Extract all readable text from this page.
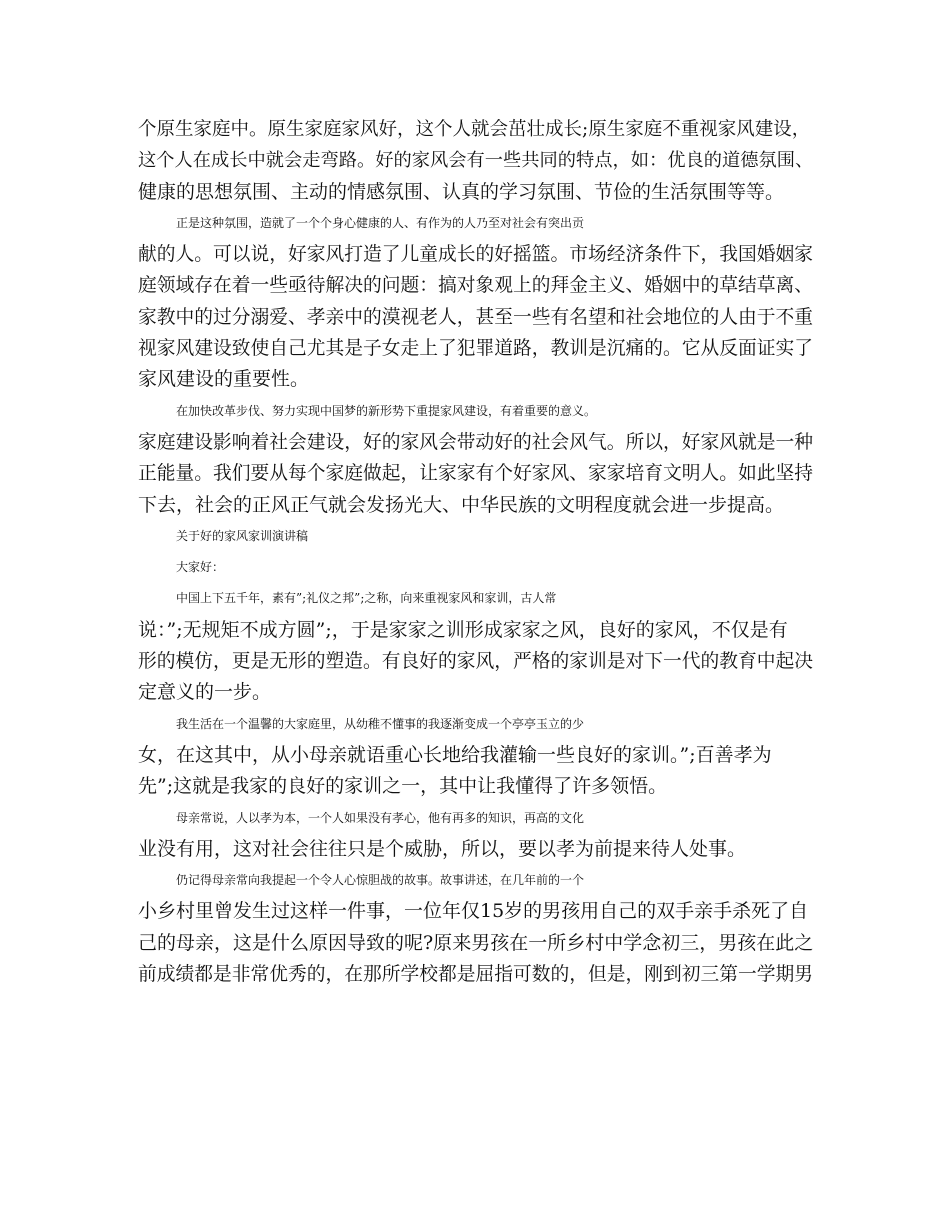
个原生家庭中。原生家庭家风好，这个人就会茁壮成长;原生家庭不重视家风建设，
这个人在成长中就会走弯路。好的家风会有一些共同的特点，如：优良的道德氛围、
健康的思想氛围、主动的情感氛围、认真的学习氛围、节俭的生活氛围等等。
正是这种氛围，造就了一个个身心健康的人、有作为的人乃至对社会有突出贡
献的人。可以说，好家风打造了儿童成长的好摇篮。市场经济条件下，我国婚姻家
庭领域存在着一些亟待解决的问题：搞对象观上的拜金主义、婚姻中的草结草离、
家教中的过分溺爱、孝亲中的漠视老人，甚至一些有名望和社会地位的人由于不重
视家风建设致使自己尤其是子女走上了犯罪道路，教训是沉痛的。它从反面证实了
家风建设的重要性。
在加快改革步伐、努力实现中国梦的新形势下重提家风建设，有着重要的意义。
家庭建设影响着社会建设，好的家风会带动好的社会风气。所以，好家风就是一种
正能量。我们要从每个家庭做起，让家家有个好家风、家家培育文明人。如此坚持
下去，社会的正风正气就会发扬光大、中华民族的文明程度就会进一步提高。
关于好的家风家训演讲稿
大家好：
中国上下五千年，素有”;礼仪之邦”;之称，向来重视家风和家训，古人常
说：”;无规矩不成方圆”;，于是家家之训形成家家之风，良好的家风，不仅是有
形的模仿，更是无形的塑造。有良好的家风，严格的家训是对下一代的教育中起决
定意义的一步。
我生活在一个温馨的大家庭里，从幼稚不懂事的我逐渐变成一个亭亭玉立的少
女，在这其中，从小母亲就语重心长地给我灌输一些良好的家训。”;百善孝为
先”;这就是我家的良好的家训之一，其中让我懂得了许多领悟。
母亲常说，人以孝为本，一个人如果没有孝心，他有再多的知识，再高的文化
业没有用，这对社会往往只是个威胁，所以，要以孝为前提来待人处事。
仍记得母亲常向我提起一个令人心惊胆战的故事。故事讲述，在几年前的一个
小乡村里曾发生过这样一件事，一位年仅15岁的男孩用自己的双手亲手杀死了自
己的母亲，这是什么原因导致的呢?原来男孩在一所乡村中学念初三，男孩在此之
前成绩都是非常优秀的，在那所学校都是屈指可数的，但是，刚到初三第一学期男
